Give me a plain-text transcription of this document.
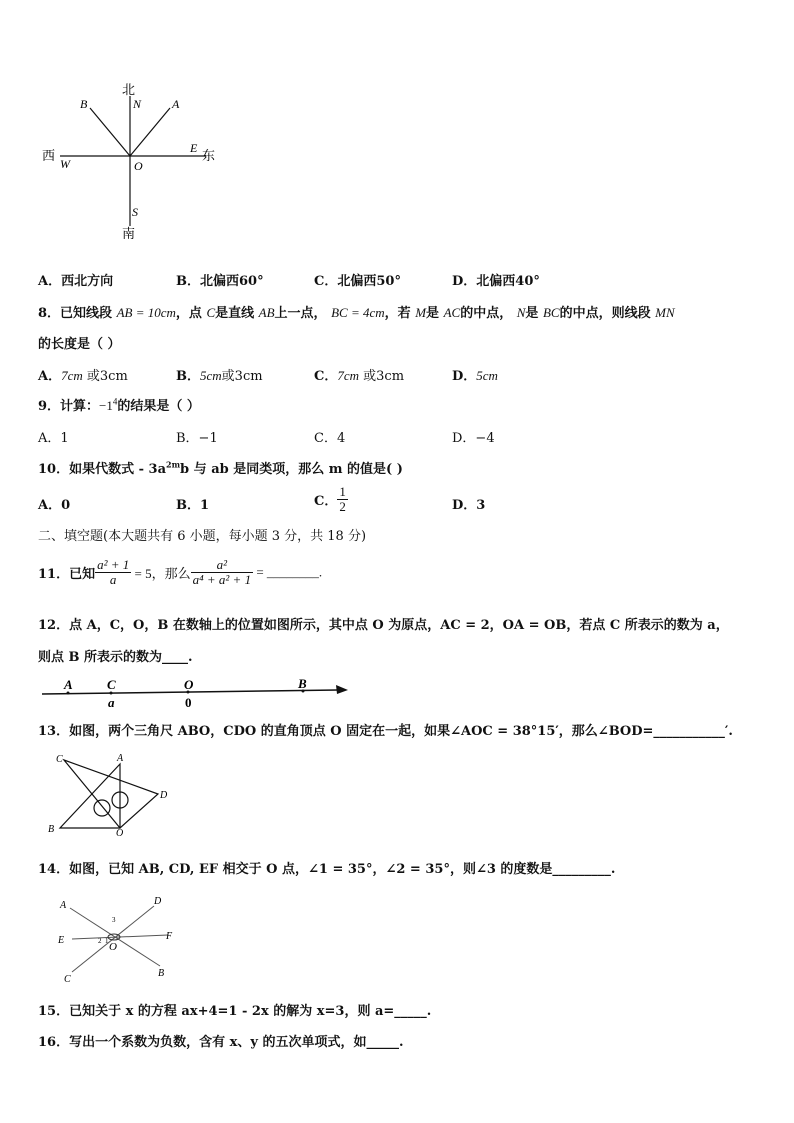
北
N
B	A
西
W
E 东
O
S
南
A．西北方向	B．北偏西60°	C．北偏西50°	D．北偏西40°
8．已知线段 AB = 10cm，点 C是直线 AB上一点， BC = 4cm，若 M是 AC的中点， N是 BC的中点，则线段 MN
的长度是（ ）
A．7cm 或3cm	B．5cm或3cm	C．7cm 或3cm	D．5cm
9．计算：$-1^4$的结果是（ ）
A．1	B．−1	C．4	D．−4
10．如果代数式 - $3a^{2m}b$ 与 ab 是同类项，那么 m 的值是( )
A．0	B．1	C． $\frac{1}{2}$	D．3
二、填空题(本大题共有 6 小题，每小题 3 分，共 18 分)
11．已知 $\frac{\text{a² + 1}}{a} = 5$，那么 $\frac{\text{a²}}{\text{a⁴ + a² + 1}}$ = ________.
12．点 A，C，O，B 在数轴上的位置如图所示，其中点 O 为原点，AC = 2，OA = OB，若点 C 所表示的数为 a，
则点 B 所表示的数为____.
A	C	O	B
a	0
13．如图，两个三角尺 ABO，CDO 的直角顶点 O 固定在一起，如果∠AOC = 38°15′，那么∠BOD=___________′.
C	A
D
B	O
14．如图，已知 AB, CD, EF 相交于 O 点，∠1 = 35°，∠2 = 35°，则∠3 的度数是_________.
A	D
E	F
C
B
O
3
2 1
15．已知关于 x 的方程 ax+4=1 - 2x 的解为 x=3，则 a=_____.
16．写出一个系数为负数，含有 x、y 的五次单项式，如_____.
